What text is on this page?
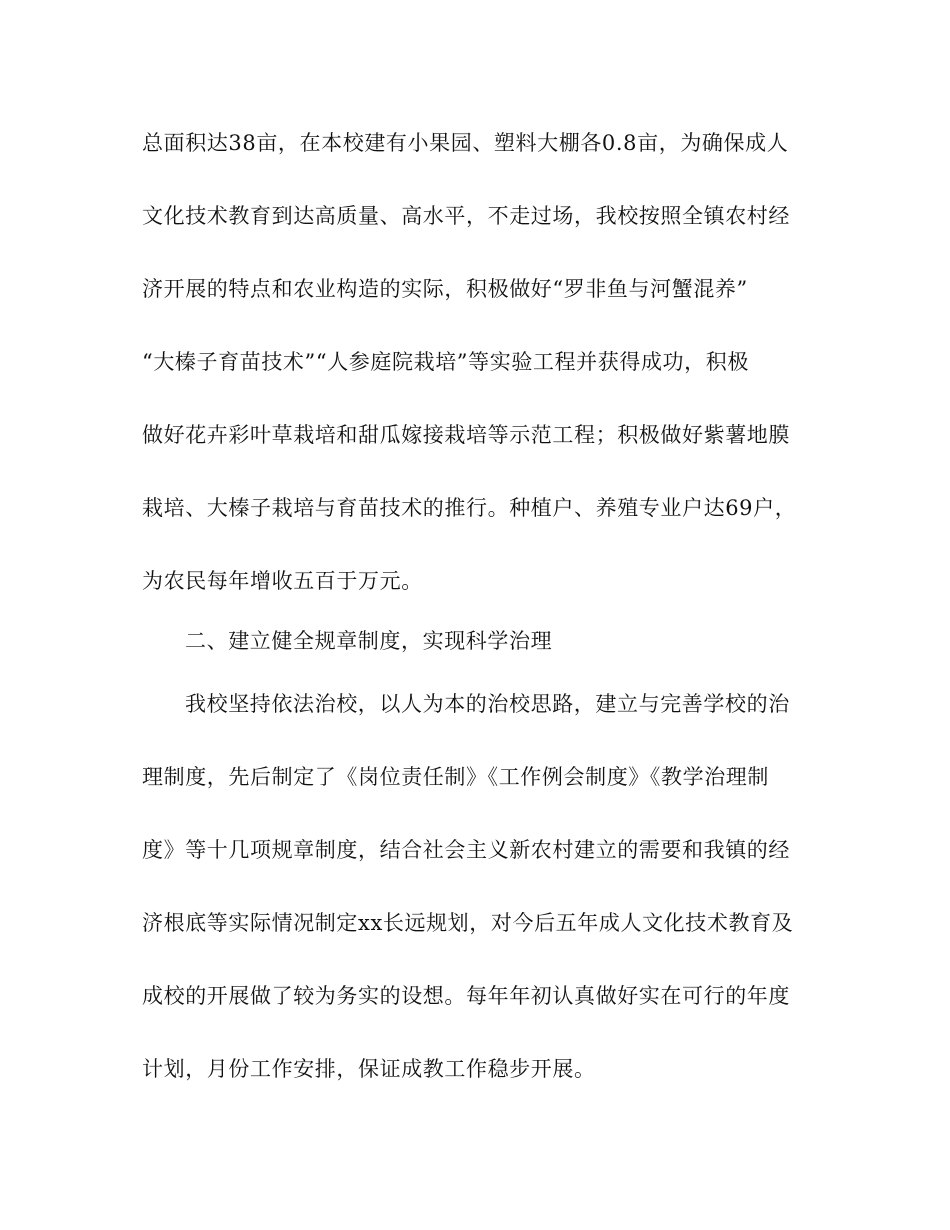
总面积达38亩，在本校建有小果园、塑料大棚各0.8亩，为确保成人
文化技术教育到达高质量、高水平，不走过场，我校按照全镇农村经
济开展的特点和农业构造的实际，积极做好“罗非鱼与河蟹混养”
“大榛子育苗技术”“人参庭院栽培”等实验工程并获得成功，积极
做好花卉彩叶草栽培和甜瓜嫁接栽培等示范工程；积极做好紫薯地膜
栽培、大榛子栽培与育苗技术的推行。种植户、养殖专业户达69户，
为农民每年增收五百于万元。
二、建立健全规章制度，实现科学治理
我校坚持依法治校，以人为本的治校思路，建立与完善学校的治
理制度，先后制定了《岗位责任制》《工作例会制度》《教学治理制
度》等十几项规章制度，结合社会主义新农村建立的需要和我镇的经
济根底等实际情况制定xx长远规划，对今后五年成人文化技术教育及
成校的开展做了较为务实的设想。每年年初认真做好实在可行的年度
计划，月份工作安排，保证成教工作稳步开展。
